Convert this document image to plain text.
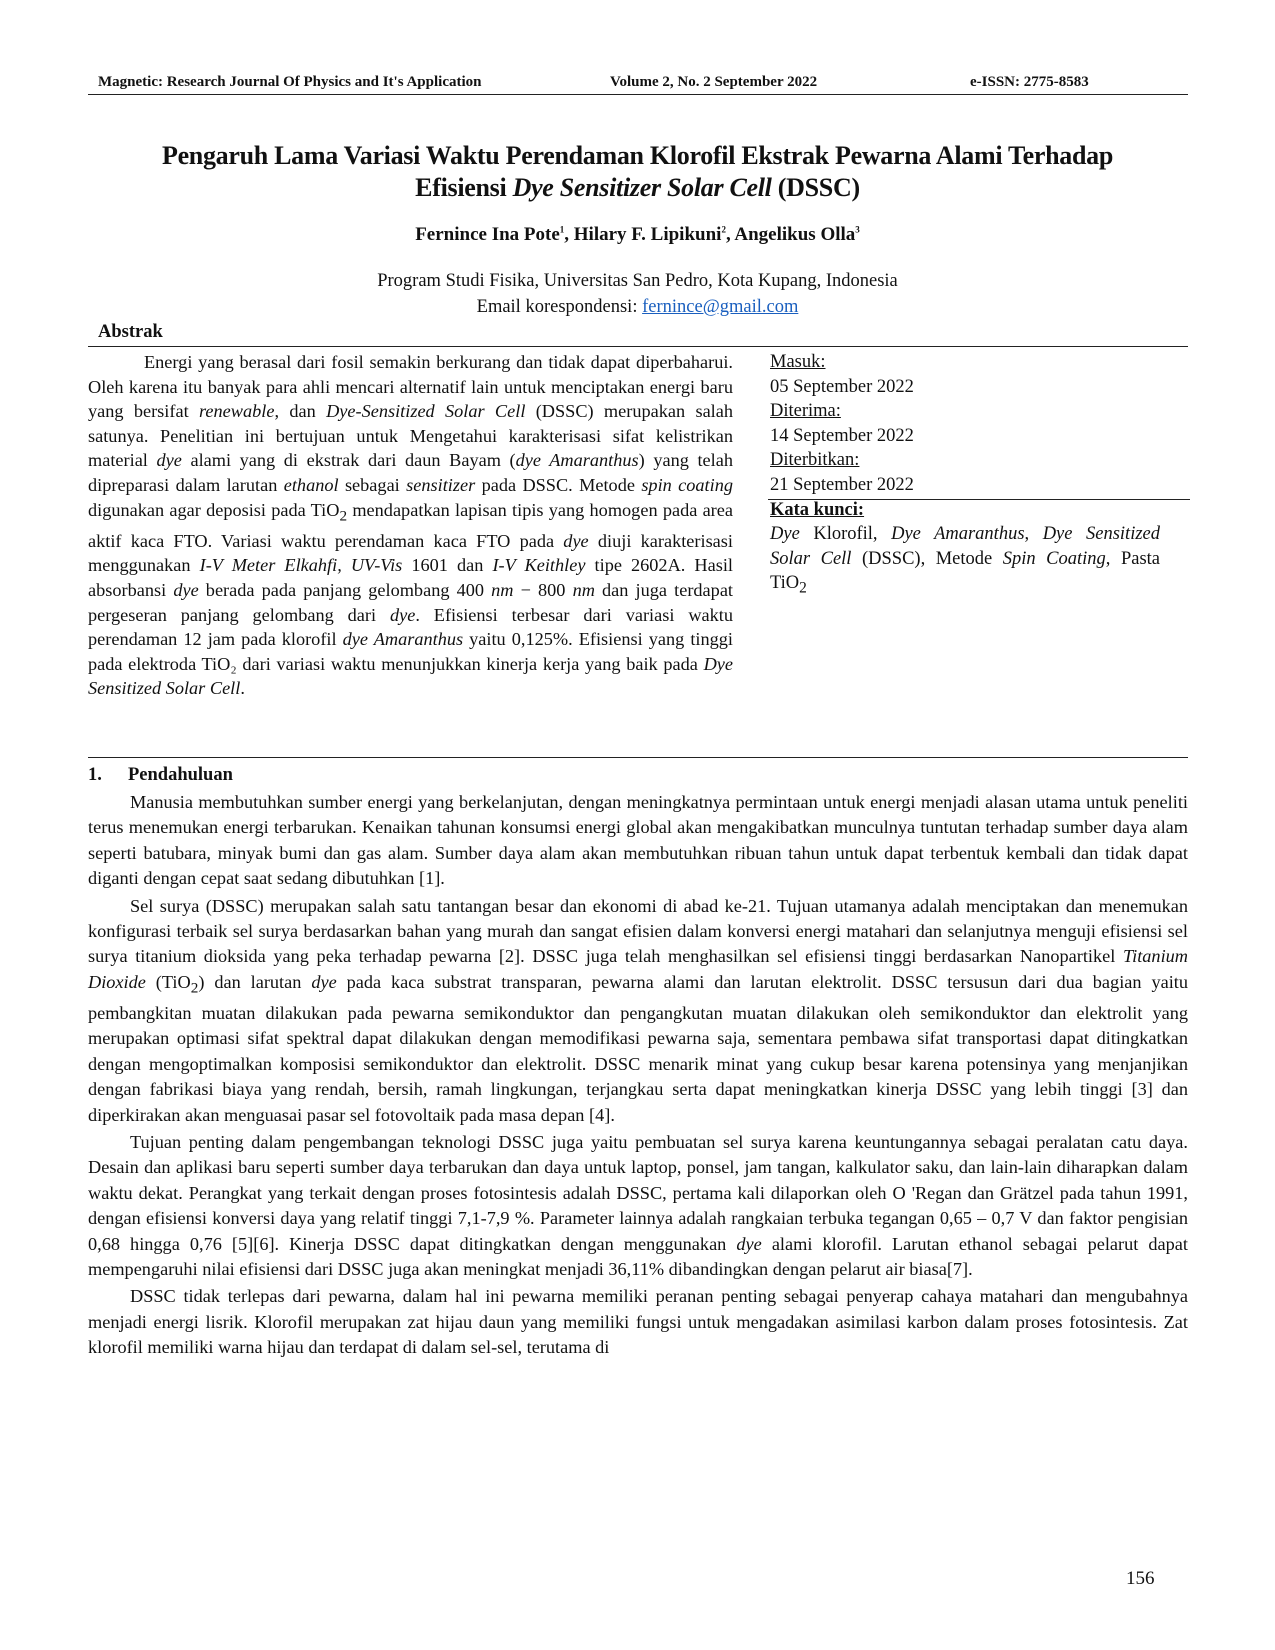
Magnetic: Research Journal Of Physics and It's Application	Volume 2, No. 2 September 2022	e-ISSN: 2775-8583
Pengaruh Lama Variasi Waktu Perendaman Klorofil Ekstrak Pewarna Alami Terhadap
Efisiensi Dye Sensitizer Solar Cell (DSSC)
Fernince Ina Pote$^1$, Hilary F. Lipikuni$^2$, Angelikus Olla$^3$
Program Studi Fisika, Universitas San Pedro, Kota Kupang, Indonesia
Email korespondensi: fernince@gmail.com
Abstrak

Energi yang berasal dari fosil semakin berkurang dan tidak dapat diperbaharui. Oleh karena itu banyak para ahli mencari alternatif lain untuk menciptakan energi baru yang bersifat renewable, dan Dye-Sensitized Solar Cell (DSSC) merupakan salah satunya. Penelitian ini bertujuan untuk Mengetahui karakterisasi sifat kelistrikan material dye alami yang di ekstrak dari daun Bayam (dye Amaranthus) yang telah dipreparasi dalam larutan ethanol sebagai sensitizer pada DSSC. Metode spin coating digunakan agar deposisi pada TiO$_2$ mendapatkan lapisan tipis yang homogen pada area aktif kaca FTO. Variasi waktu perendaman kaca FTO pada dye diuji karakterisasi menggunakan I-V Meter Elkahfi, UV-Vis 1601 dan I-V Keithley tipe 2602A. Hasil absorbansi dye berada pada panjang gelombang 400 nm − 800 nm dan juga terdapat pergeseran panjang gelombang dari dye. Efisiensi terbesar dari variasi waktu perendaman 12 jam pada klorofil dye Amaranthus yaitu 0,125%. Efisiensi yang tinggi pada elektroda TiO₂ dari variasi waktu menunjukkan kinerja kerja yang baik pada Dye Sensitized Solar Cell.

Masuk:
05 September 2022
Diterima:
14 September 2022
Diterbitkan:
21 September 2022
Kata kunci:
Dye Klorofil, Dye Amaranthus, Dye Sensitized Solar Cell (DSSC), Metode Spin Coating, Pasta TiO$_2$
1. Pendahuluan

Manusia membutuhkan sumber energi yang berkelanjutan, dengan meningkatnya permintaan untuk energi menjadi alasan utama untuk peneliti terus menemukan energi terbarukan. Kenaikan tahunan konsumsi energi global akan mengakibatkan munculnya tuntutan terhadap sumber daya alam seperti batubara, minyak bumi dan gas alam. Sumber daya alam akan membutuhkan ribuan tahun untuk dapat terbentuk kembali dan tidak dapat diganti dengan cepat saat sedang dibutuhkan [1].

Sel surya (DSSC) merupakan salah satu tantangan besar dan ekonomi di abad ke-21. Tujuan utamanya adalah menciptakan dan menemukan konfigurasi terbaik sel surya berdasarkan bahan yang murah dan sangat efisien dalam konversi energi matahari dan selanjutnya menguji efisiensi sel surya titanium dioksida yang peka terhadap pewarna [2]. DSSC juga telah menghasilkan sel efisiensi tinggi berdasarkan Nanopartikel Titanium Dioxide (TiO$_2$) dan larutan dye pada kaca substrat transparan, pewarna alami dan larutan elektrolit. DSSC tersusun dari dua bagian yaitu pembangkitan muatan dilakukan pada pewarna semikonduktor dan pengangkutan muatan dilakukan oleh semikonduktor dan elektrolit yang merupakan optimasi sifat spektral dapat dilakukan dengan memodifikasi pewarna saja, sementara pembawa sifat transportasi dapat ditingkatkan dengan mengoptimalkan komposisi semikonduktor dan elektrolit. DSSC menarik minat yang cukup besar karena potensinya yang menjanjikan dengan fabrikasi biaya yang rendah, bersih, ramah lingkungan, terjangkau serta dapat meningkatkan kinerja DSSC yang lebih tinggi [3] dan diperkirakan akan menguasai pasar sel fotovoltaik pada masa depan [4].

Tujuan penting dalam pengembangan teknologi DSSC juga yaitu pembuatan sel surya karena keuntungannya sebagai peralatan catu daya. Desain dan aplikasi baru seperti sumber daya terbarukan dan daya untuk laptop, ponsel, jam tangan, kalkulator saku, dan lain-lain diharapkan dalam waktu dekat. Perangkat yang terkait dengan proses fotosintesis adalah DSSC, pertama kali dilaporkan oleh O 'Regan dan Grätzel pada tahun 1991, dengan efisiensi konversi daya yang relatif tinggi 7,1-7,9 %. Parameter lainnya adalah rangkaian terbuka tegangan 0,65 – 0,7 V dan faktor pengisian 0,68 hingga 0,76 [5][6]. Kinerja DSSC dapat ditingkatkan dengan menggunakan dye alami klorofil. Larutan ethanol sebagai pelarut dapat mempengaruhi nilai efisiensi dari DSSC juga akan meningkat menjadi 36,11% dibandingkan dengan pelarut air biasa[7].

DSSC tidak terlepas dari pewarna, dalam hal ini pewarna memiliki peranan penting sebagai penyerap cahaya matahari dan mengubahnya menjadi energi lisrik. Klorofil merupakan zat hijau daun yang memiliki fungsi untuk mengadakan asimilasi karbon dalam proses fotosintesis. Zat klorofil memiliki warna hijau dan terdapat di dalam sel-sel, terutama di

156
